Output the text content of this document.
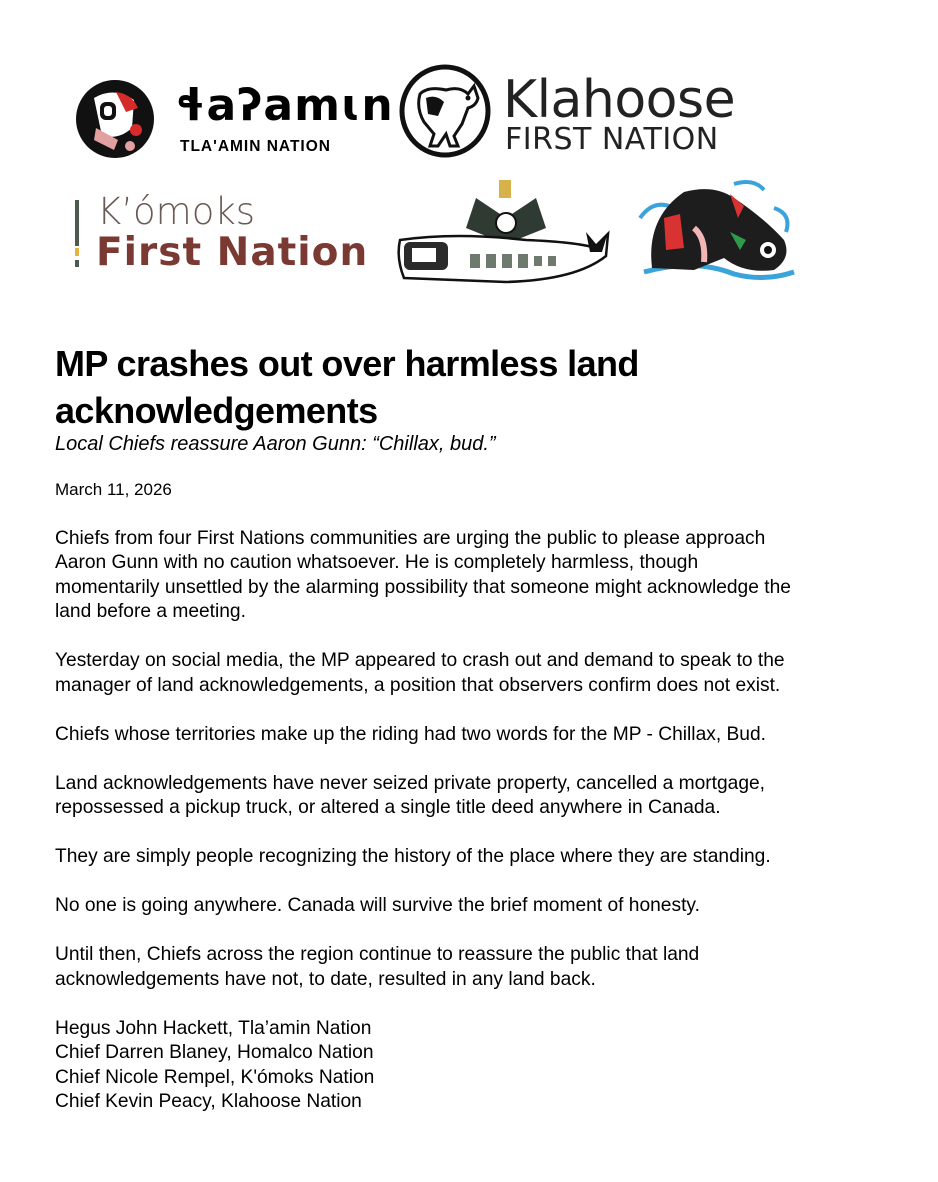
ɬaʔamɩn
TLA'AMIN NATION
Klahoose
FIRST NATION
K’ómoks
First Nation
MP crashes out over harmless land
acknowledgements
Local Chiefs reassure Aaron Gunn: “Chillax, bud.”
March 11, 2026
Chiefs from four First Nations communities are urging the public to please approach
Aaron Gunn with no caution whatsoever. He is completely harmless, though
momentarily unsettled by the alarming possibility that someone might acknowledge the
land before a meeting.
Yesterday on social media, the MP appeared to crash out and demand to speak to the
manager of land acknowledgements, a position that observers confirm does not exist.
Chiefs whose territories make up the riding had two words for the MP - Chillax, Bud.
Land acknowledgements have never seized private property, cancelled a mortgage,
repossessed a pickup truck, or altered a single title deed anywhere in Canada.
They are simply people recognizing the history of the place where they are standing.
No one is going anywhere. Canada will survive the brief moment of honesty.
Until then, Chiefs across the region continue to reassure the public that land
acknowledgements have not, to date, resulted in any land back.
Hegus John Hackett, Tla’amin Nation
Chief Darren Blaney, Homalco Nation
Chief Nicole Rempel, K'ómoks Nation
Chief Kevin Peacy, Klahoose Nation
